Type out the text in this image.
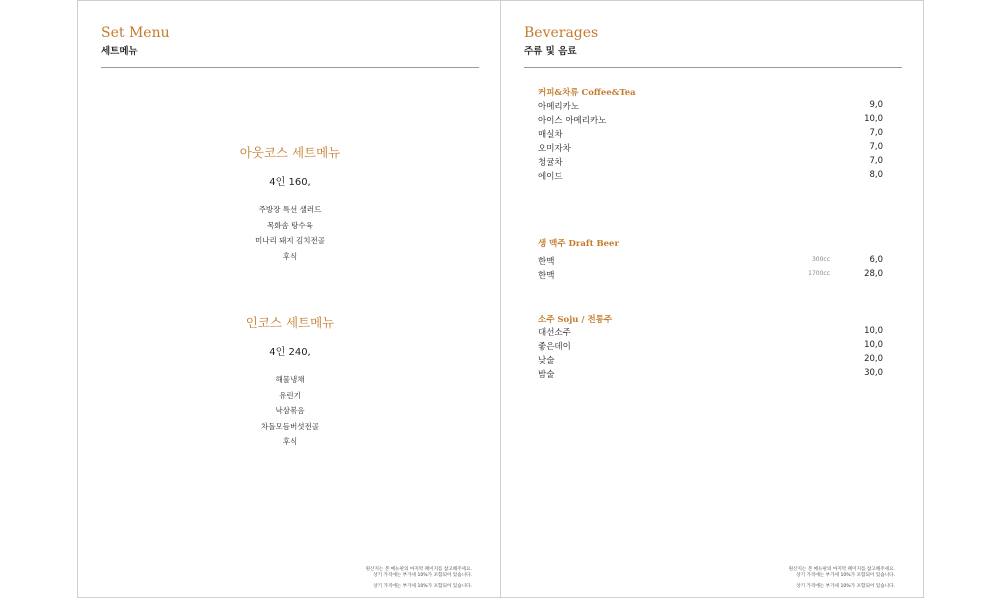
Set Menu
세트메뉴
아웃코스 세트메뉴
4인 160,
주방장 특선 샐러드
목화솜 탕수육
미나리 돼지 김치전골
후식
인코스 세트메뉴
4인 240,
해물냉채
유린기
낙삼볶음
차돌모듬버섯전골
후식
원산지는 본 메뉴판의 마지막 페이지를 참고해주세요.
상기 가격에는 부가세 10%가 포함되어 있습니다.
상기 가격에는 부가세 10%가 포함되어 있습니다.
Beverages
주류 및 음료
커피&차류 Coffee&Tea
아메리카노	9,0
아이스 아메리카노	10,0
매실차	7,0
오미자차	7,0
청귤차	7,0
에이드	8,0
생 맥주 Draft Beer
한맥	300cc	6,0
한맥	1700cc	28,0
소주 Soju / 전통주
대선소주	10,0
좋은데이	10,0
낮술	20,0
밤술	30,0
원산지는 본 메뉴판의 마지막 페이지를 참고해주세요.
상기 가격에는 부가세 10%가 포함되어 있습니다.
상기 가격에는 부가세 10%가 포함되어 있습니다.
